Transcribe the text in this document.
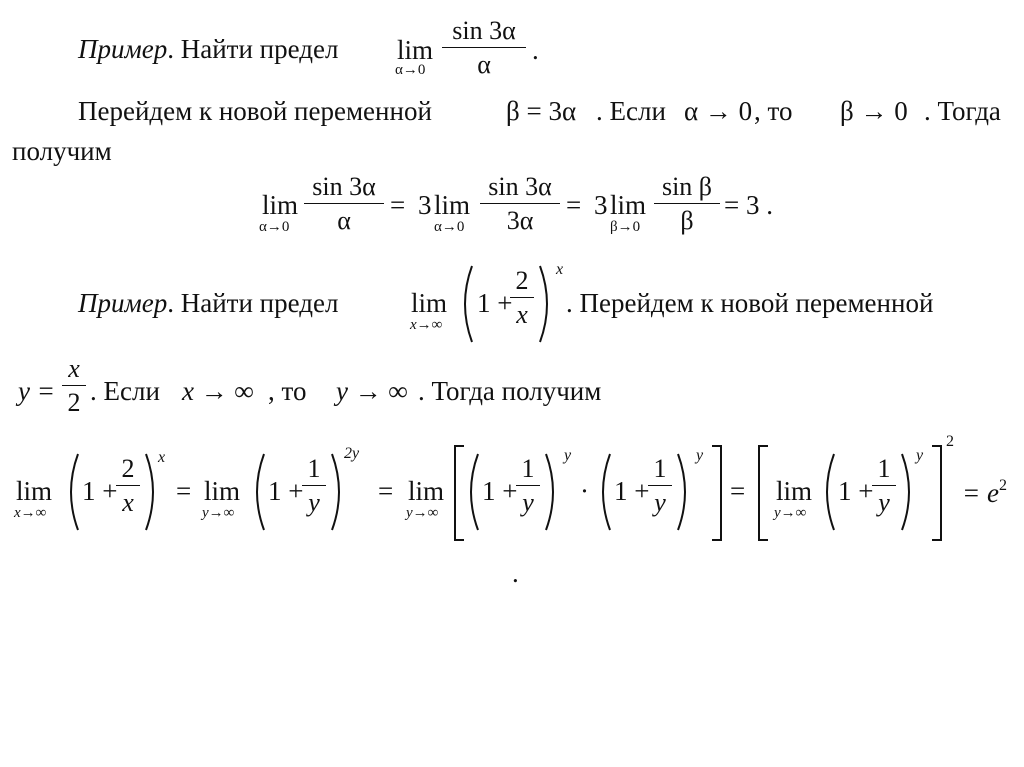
Пример. Найти предел lim
α→0
sin 3α
α	.
Перейдем к новой переменной	β = 3α . Если α → 0 , то β → 0 . Тогда
получим
lim
α→0
sin 3α
α
= 3 lim
α→0
sin 3α
3α
= 3 lim
β→0
sin β
β
= 3 .
Пример. Найти предел	lim
x→∞
1 +
2
x
x
. Перейдем к новой переменной
y =
x
2 . Если x → ∞ , то y → ∞ . Тогда получим
lim
x→∞
1 +
2
x
x
= lim
y→∞
1 +
1
y
2y
= lim
y→∞
1 +
1
y
y
· 1 +
1
y
y
= lim
y→∞
1 +
1
y
y
2
= $e^2$
.
